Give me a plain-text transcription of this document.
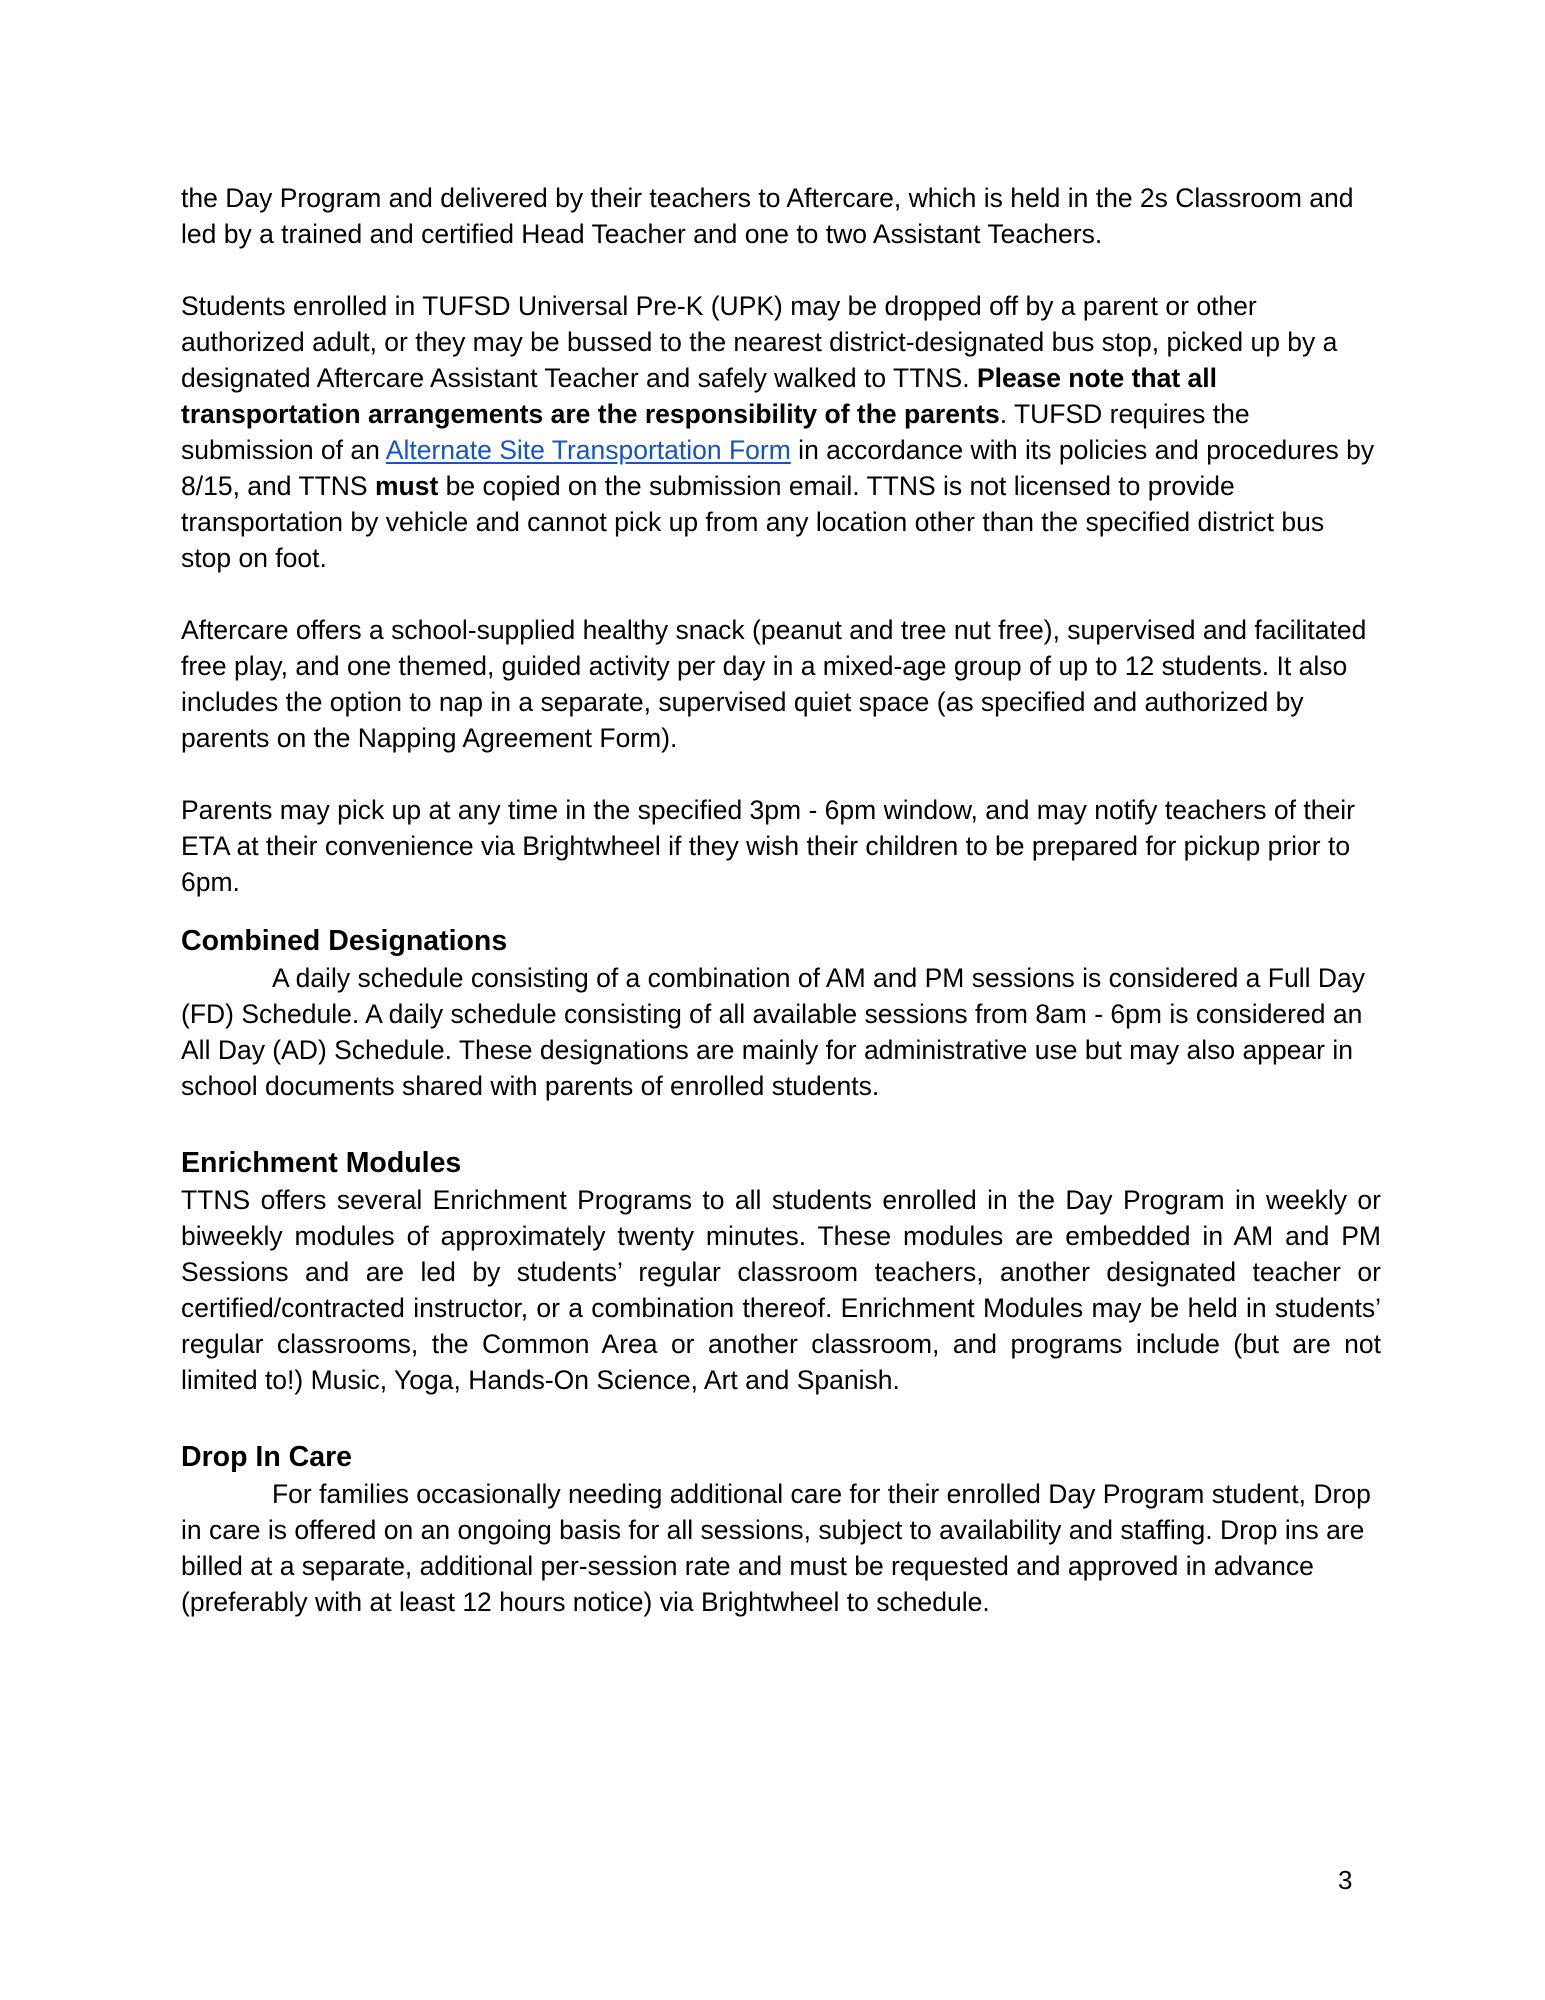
the Day Program and delivered by their teachers to Aftercare, which is held in the 2s Classroom and led by a trained and certified Head Teacher and one to two Assistant Teachers.

Students enrolled in TUFSD Universal Pre-K (UPK) may be dropped off by a parent or other authorized adult, or they may be bussed to the nearest district-designated bus stop, picked up by a designated Aftercare Assistant Teacher and safely walked to TTNS. Please note that all transportation arrangements are the responsibility of the parents. TUFSD requires the submission of an Alternate Site Transportation Form in accordance with its policies and procedures by 8/15, and TTNS must be copied on the submission email. TTNS is not licensed to provide transportation by vehicle and cannot pick up from any location other than the specified district bus stop on foot.

Aftercare offers a school-supplied healthy snack (peanut and tree nut free), supervised and facilitated free play, and one themed, guided activity per day in a mixed-age group of up to 12 students. It also includes the option to nap in a separate, supervised quiet space (as specified and authorized by parents on the Napping Agreement Form).

Parents may pick up at any time in the specified 3pm - 6pm window, and may notify teachers of their ETA at their convenience via Brightwheel if they wish their children to be prepared for pickup prior to 6pm.

Combined Designations

A daily schedule consisting of a combination of AM and PM sessions is considered a Full Day (FD) Schedule. A daily schedule consisting of all available sessions from 8am - 6pm is considered an All Day (AD) Schedule. These designations are mainly for administrative use but may also appear in school documents shared with parents of enrolled students.

Enrichment Modules

TTNS offers several Enrichment Programs to all students enrolled in the Day Program in weekly or biweekly modules of approximately twenty minutes. These modules are embedded in AM and PM Sessions and are led by students’ regular classroom teachers, another designated teacher or certified/contracted instructor, or a combination thereof. Enrichment Modules may be held in students’ regular classrooms, the Common Area or another classroom, and programs include (but are not limited to!) Music, Yoga, Hands-On Science, Art and Spanish.

Drop In Care

For families occasionally needing additional care for their enrolled Day Program student, Drop in care is offered on an ongoing basis for all sessions, subject to availability and staffing. Drop ins are billed at a separate, additional per-session rate and must be requested and approved in advance (preferably with at least 12 hours notice) via Brightwheel to schedule.

3
